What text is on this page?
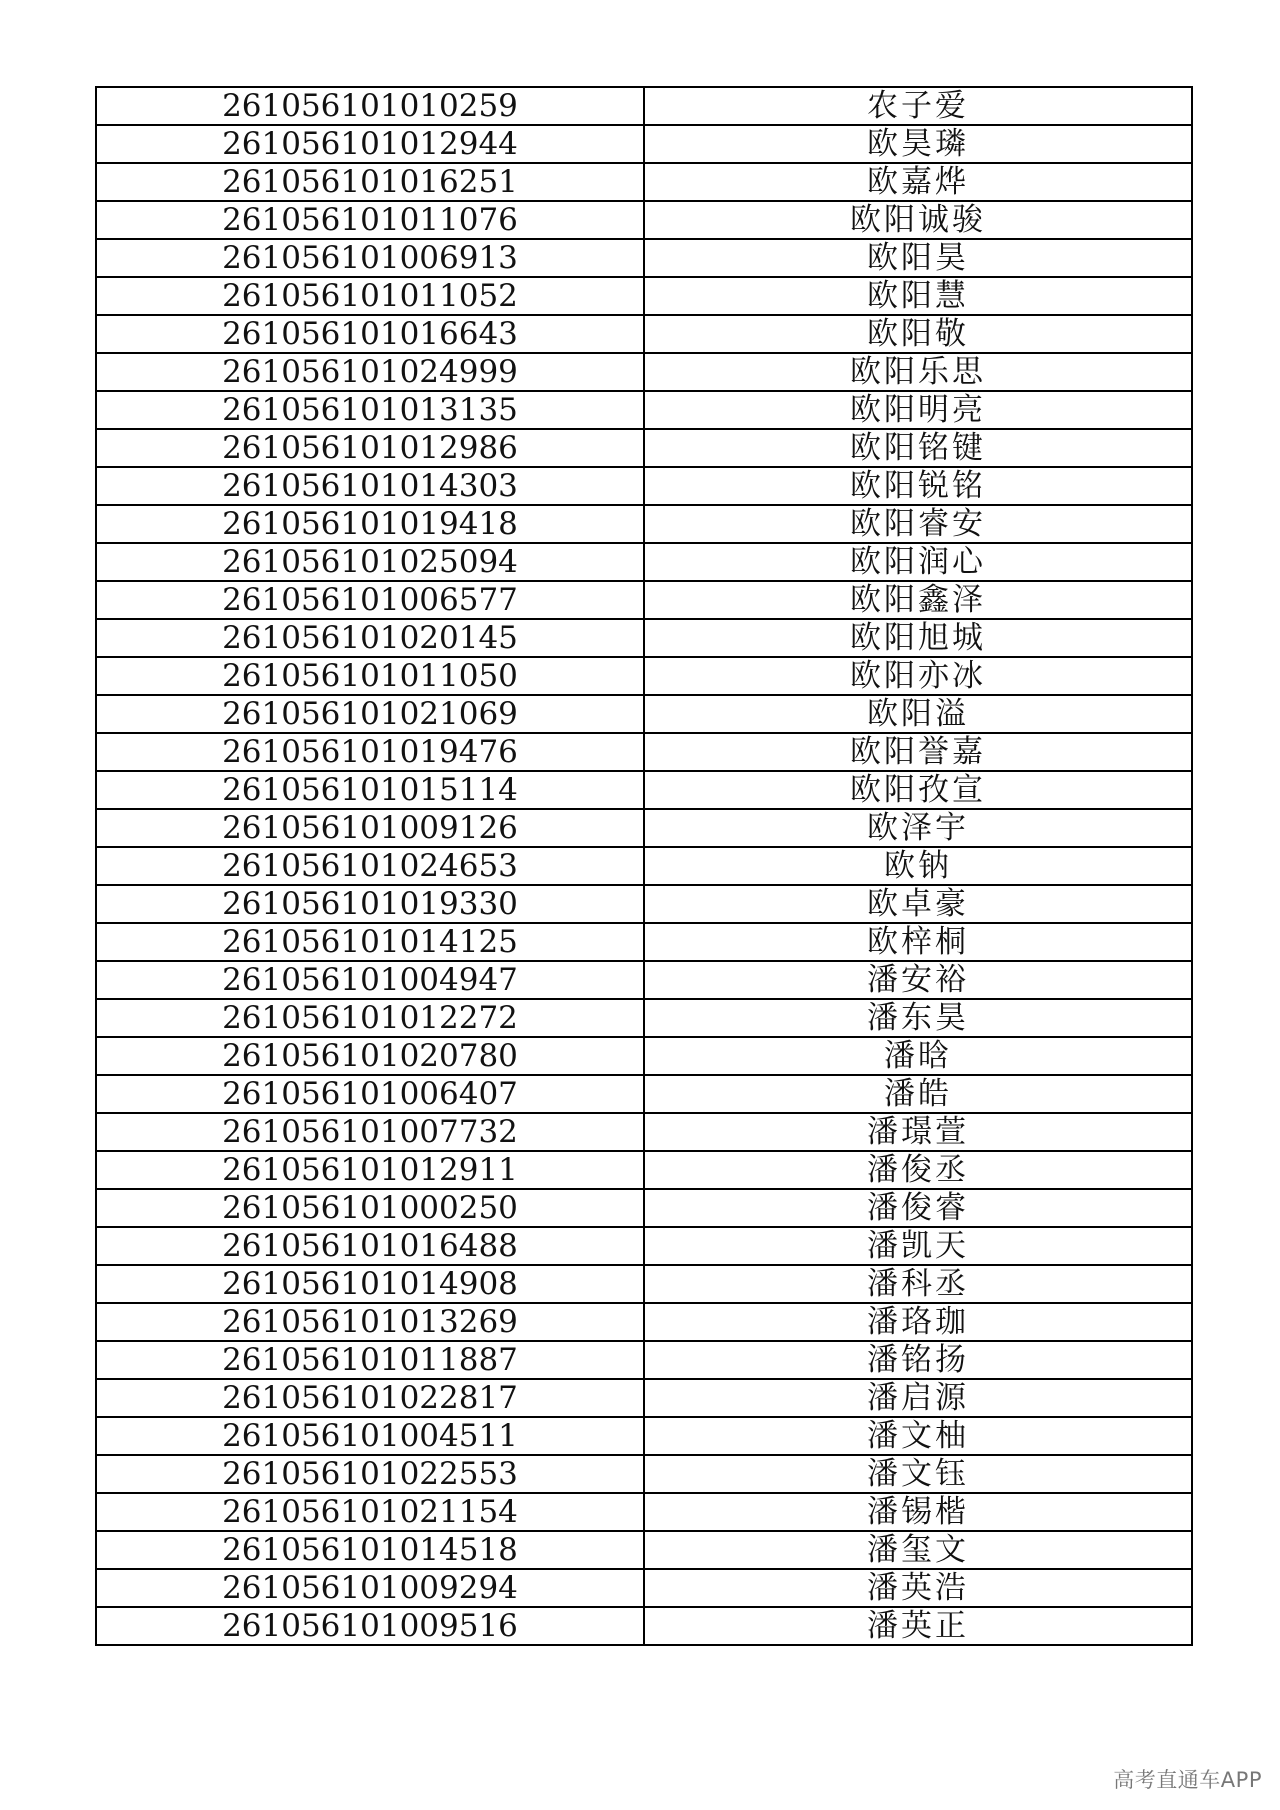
261056101010259	农子爱
261056101012944	欧昊璘
261056101016251	欧嘉烨
261056101011076	欧阳诚骏
261056101006913	欧阳昊
261056101011052	欧阳慧
261056101016643	欧阳敬
261056101024999	欧阳乐思
261056101013135	欧阳明亮
261056101012986	欧阳铭键
261056101014303	欧阳锐铭
261056101019418	欧阳睿安
261056101025094	欧阳润心
261056101006577	欧阳鑫泽
261056101020145	欧阳旭城
261056101011050	欧阳亦冰
261056101021069	欧阳溢
261056101019476	欧阳誉嘉
261056101015114	欧阳孜宣
261056101009126	欧泽宇
261056101024653	欧钠
261056101019330	欧卓豪
261056101014125	欧梓桐
261056101004947	潘安裕
261056101012272	潘东昊
261056101020780	潘晗
261056101006407	潘皓
261056101007732	潘璟萱
261056101012911	潘俊丞
261056101000250	潘俊睿
261056101016488	潘凯天
261056101014908	潘科丞
261056101013269	潘珞珈
261056101011887	潘铭扬
261056101022817	潘启源
261056101004511	潘文柚
261056101022553	潘文钰
261056101021154	潘锡楷
261056101014518	潘玺文
261056101009294	潘英浩
261056101009516	潘英正
高考直通车APP
